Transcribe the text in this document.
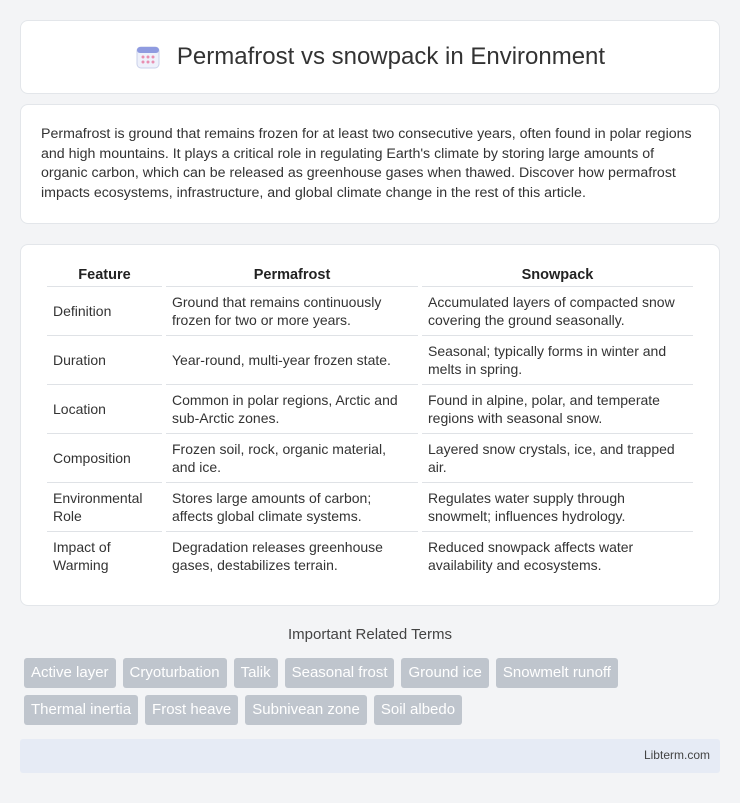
Permafrost vs snowpack in Environment

Permafrost is ground that remains frozen for at least two consecutive years, often found in polar regions and high mountains. It plays a critical role in regulating Earth's climate by storing large amounts of organic carbon, which can be released as greenhouse gases when thawed. Discover how permafrost impacts ecosystems, infrastructure, and global climate change in the rest of this article.

Feature	Permafrost	Snowpack
Definition	Ground that remains continuously frozen for two or more years.	Accumulated layers of compacted snow covering the ground seasonally.
Duration	Year-round, multi-year frozen state.	Seasonal; typically forms in winter and melts in spring.
Location	Common in polar regions, Arctic and sub-Arctic zones.	Found in alpine, polar, and temperate regions with seasonal snow.
Composition	Frozen soil, rock, organic material, and ice.	Layered snow crystals, ice, and trapped air.
Environmental Role	Stores large amounts of carbon; affects global climate systems.	Regulates water supply through snowmelt; influences hydrology.
Impact of Warming	Degradation releases greenhouse gases, destabilizes terrain.	Reduced snowpack affects water availability and ecosystems.
Important Related Terms
Active layer	Cryoturbation	Talik	Seasonal frost	Ground ice	Snowmelt runoff
Thermal inertia	Frost heave	Subnivean zone	Soil albedo
Libterm.com
